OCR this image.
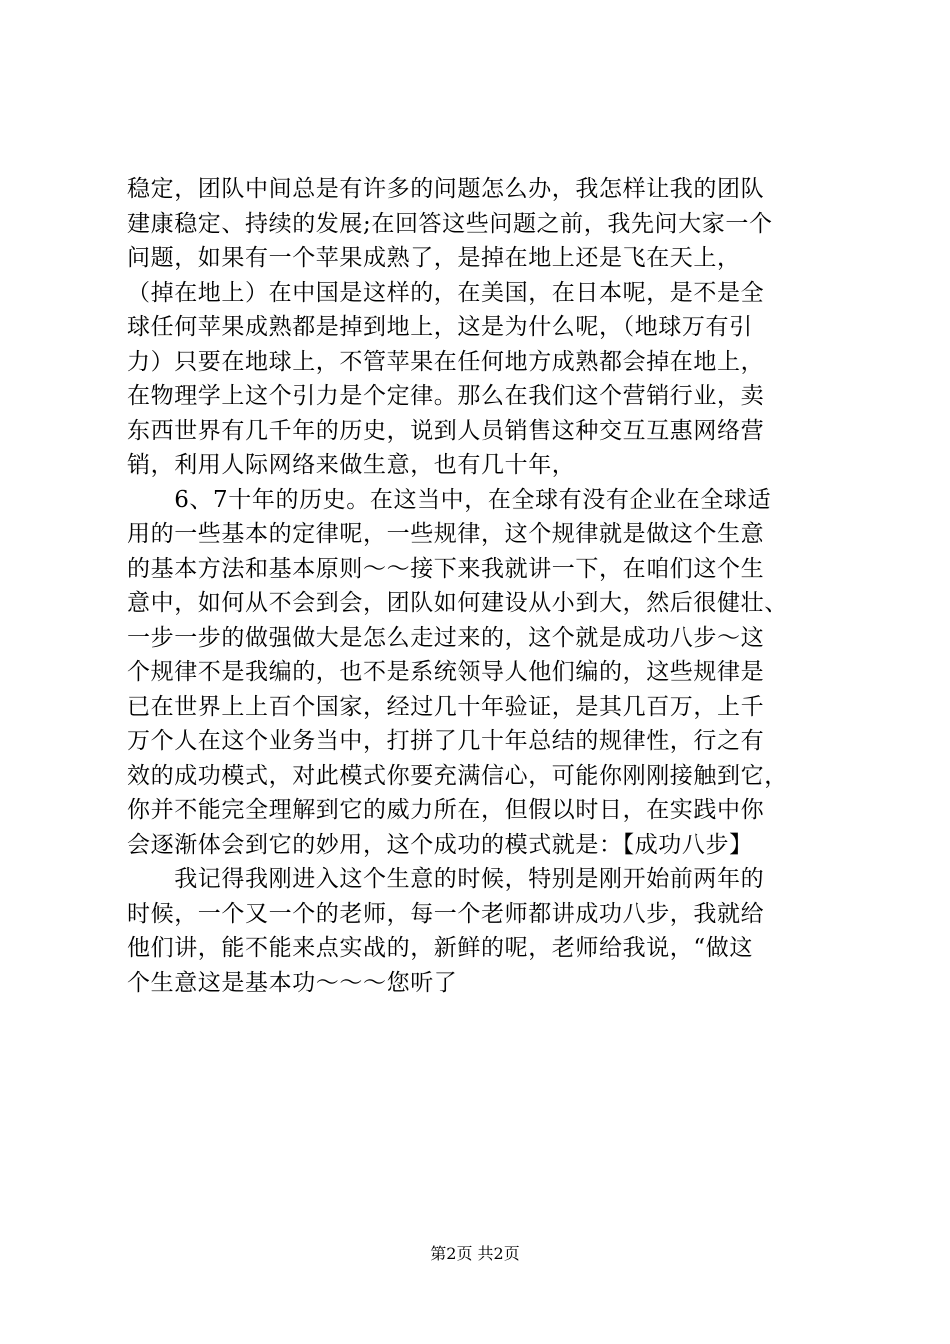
稳定，团队中间总是有许多的问题怎么办，我怎样让我的团队
建康稳定、持续的发展;在回答这些问题之前，我先问大家一个
问题，如果有一个苹果成熟了，是掉在地上还是飞在天上，
（掉在地上）在中国是这样的，在美国，在日本呢，是不是全
球任何苹果成熟都是掉到地上，这是为什么呢，（地球万有引
力）只要在地球上，不管苹果在任何地方成熟都会掉在地上，
在物理学上这个引力是个定律。那么在我们这个营销行业，卖
东西世界有几千年的历史，说到人员销售这种交互互惠网络营
销，利用人际网络来做生意，也有几十年，
　　6、7十年的历史。在这当中，在全球有没有企业在全球适
用的一些基本的定律呢，一些规律，这个规律就是做这个生意
的基本方法和基本原则～～接下来我就讲一下，在咱们这个生
意中，如何从不会到会，团队如何建设从小到大，然后很健壮、
一步一步的做强做大是怎么走过来的，这个就是成功八步～这
个规律不是我编的，也不是系统领导人他们编的，这些规律是
已在世界上上百个国家，经过几十年验证，是其几百万，上千
万个人在这个业务当中，打拼了几十年总结的规律性，行之有
效的成功模式，对此模式你要充满信心，可能你刚刚接触到它，
你并不能完全理解到它的威力所在，但假以时日，在实践中你
会逐渐体会到它的妙用，这个成功的模式就是：【成功八步】
　　我记得我刚进入这个生意的时候，特别是刚开始前两年的
时候，一个又一个的老师，每一个老师都讲成功八步，我就给
他们讲，能不能来点实战的，新鲜的呢，老师给我说，“做这
个生意这是基本功～～～您听了
第2页 共2页
